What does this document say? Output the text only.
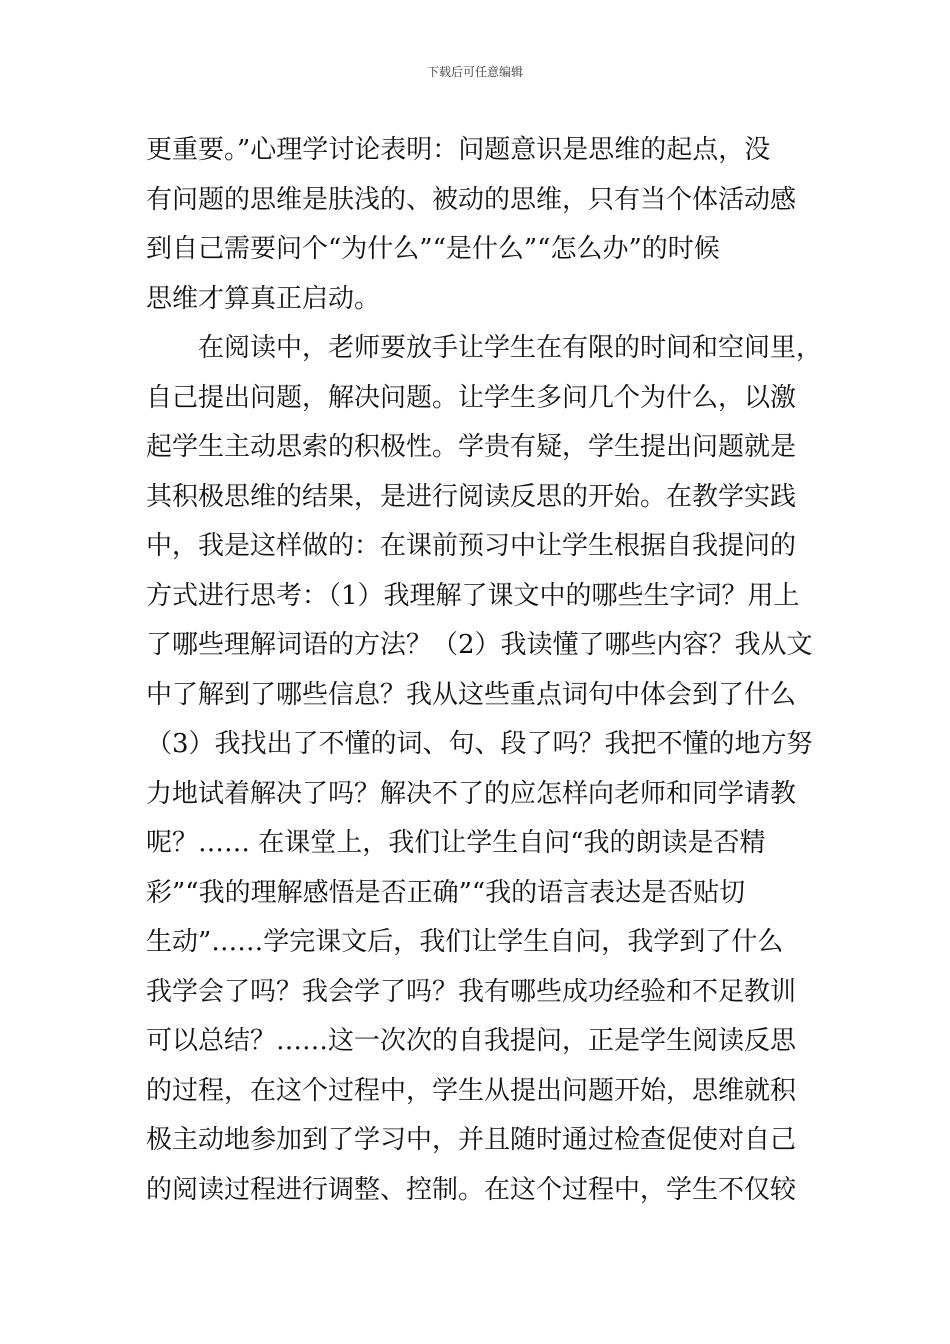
下载后可任意编辑
更重要。”心理学讨论表明：问题意识是思维的起点，没
有问题的思维是肤浅的、被动的思维，只有当个体活动感
到自己需要问个“为什么”“是什么”“怎么办”的时候
思维才算真正启动。
在阅读中，老师要放手让学生在有限的时间和空间里，
自己提出问题，解决问题。让学生多问几个为什么，以激
起学生主动思索的积极性。学贵有疑，学生提出问题就是
其积极思维的结果，是进行阅读反思的开始。在教学实践
中，我是这样做的：在课前预习中让学生根据自我提问的
方式进行思考：（1）我理解了课文中的哪些生字词？用上
了哪些理解词语的方法？（2）我读懂了哪些内容？我从文
中了解到了哪些信息？我从这些重点词句中体会到了什么
（3）我找出了不懂的词、句、段了吗？我把不懂的地方努
力地试着解决了吗？解决不了的应怎样向老师和同学请教
呢？…… 在课堂上，我们让学生自问“我的朗读是否精
彩”“我的理解感悟是否正确”“我的语言表达是否贴切
生动”……学完课文后，我们让学生自问，我学到了什么
我学会了吗？我会学了吗？我有哪些成功经验和不足教训
可以总结？……这一次次的自我提问，正是学生阅读反思
的过程，在这个过程中，学生从提出问题开始，思维就积
极主动地参加到了学习中，并且随时通过检查促使对自己
的阅读过程进行调整、控制。在这个过程中，学生不仅较
